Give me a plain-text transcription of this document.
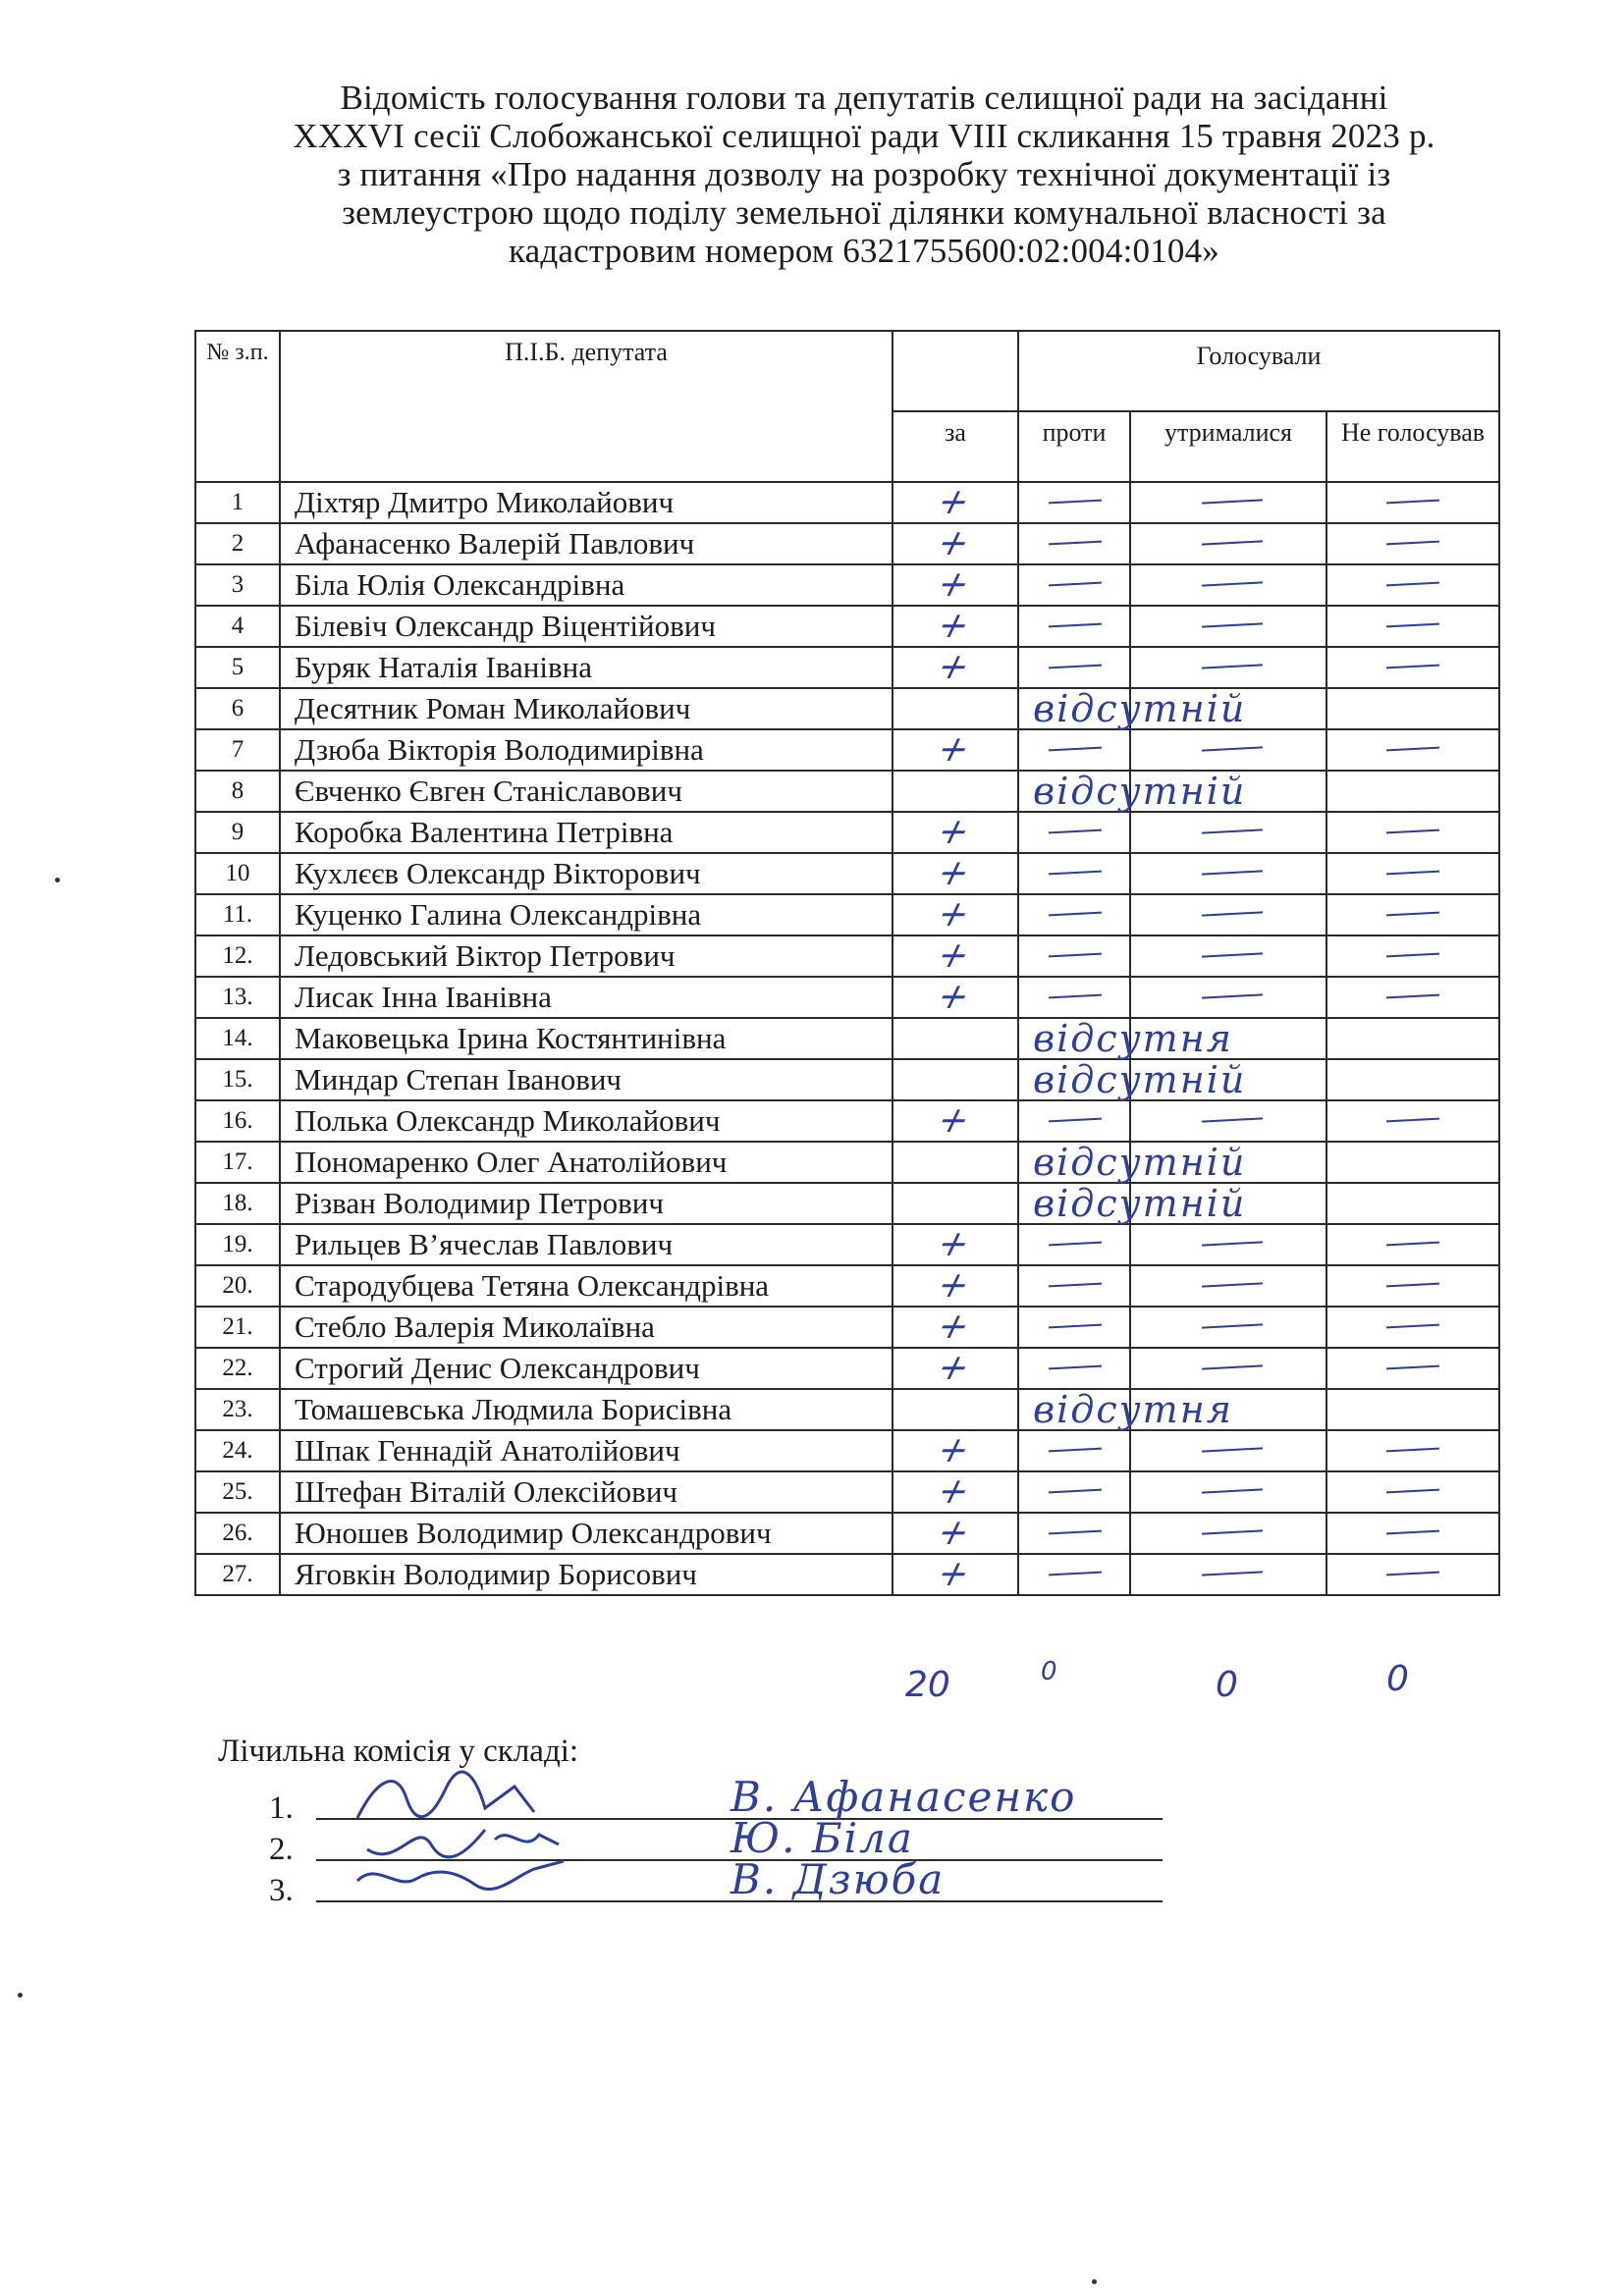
Відомість голосування голови та депутатів селищної ради на засіданні
XXXVI сесії Слобожанської селищної ради VIII скликання 15 травня 2023 р.
з питання «Про надання дозволу на розробку технічної документації із
землеустрою щодо поділу земельної ділянки комунальної власності за
кадастровим номером 6321755600:02:004:0104»
№ з.п.	П.І.Б. депутата		Голосували		
		за	проти	утрималися	Не голосував
1	Діхтяр Дмитро Миколайович	+			

2	Афанасенко Валерій Павлович	+			

3	Біла Юлія Олександрівна	+			

4	Білевіч Олександр Віцентійович	+			

5	Буряк Наталія Іванівна	+			

6	Десятник Роман Миколайович		відсутній		

7	Дзюба Вікторія Володимирівна	+			

8	Євченко Євген Станіславович		відсутній		

9	Коробка Валентина Петрівна	+			

10	Кухлєєв Олександр Вікторович	+			

11.	Куценко Галина Олександрівна	+			

12.	Ледовський Віктор Петрович	+			

13.	Лисак Інна Іванівна	+			

14.	Маковецька Ірина Костянтинівна		відсутня		

15.	Миндар Степан Іванович		відсутній		

16.	Полька Олександр Миколайович	+			

17.	Пономаренко Олег Анатолійович		відсутній		

18.	Різван Володимир Петрович		відсутній		

19.	Рильцев В’ячеслав Павлович	+			

20.	Стародубцева Тетяна Олександрівна	+			

21.	Стебло Валерія Миколаївна	+			

22.	Строгий Денис Олександрович	+			

23.	Томашевська Людмила Борисівна		відсутня		

24.	Шпак Геннадій Анатолійович	+			

25.	Штефан Віталій Олексійович	+			

26.	Юношев Володимир Олександрович	+			

27.	Яговкін Володимир Борисович	+			

20	0	0	0
Лічильна комісія у складі:
1.	В. Афанасенко
2.	Ю. Біла
3.	В. Дзюба
